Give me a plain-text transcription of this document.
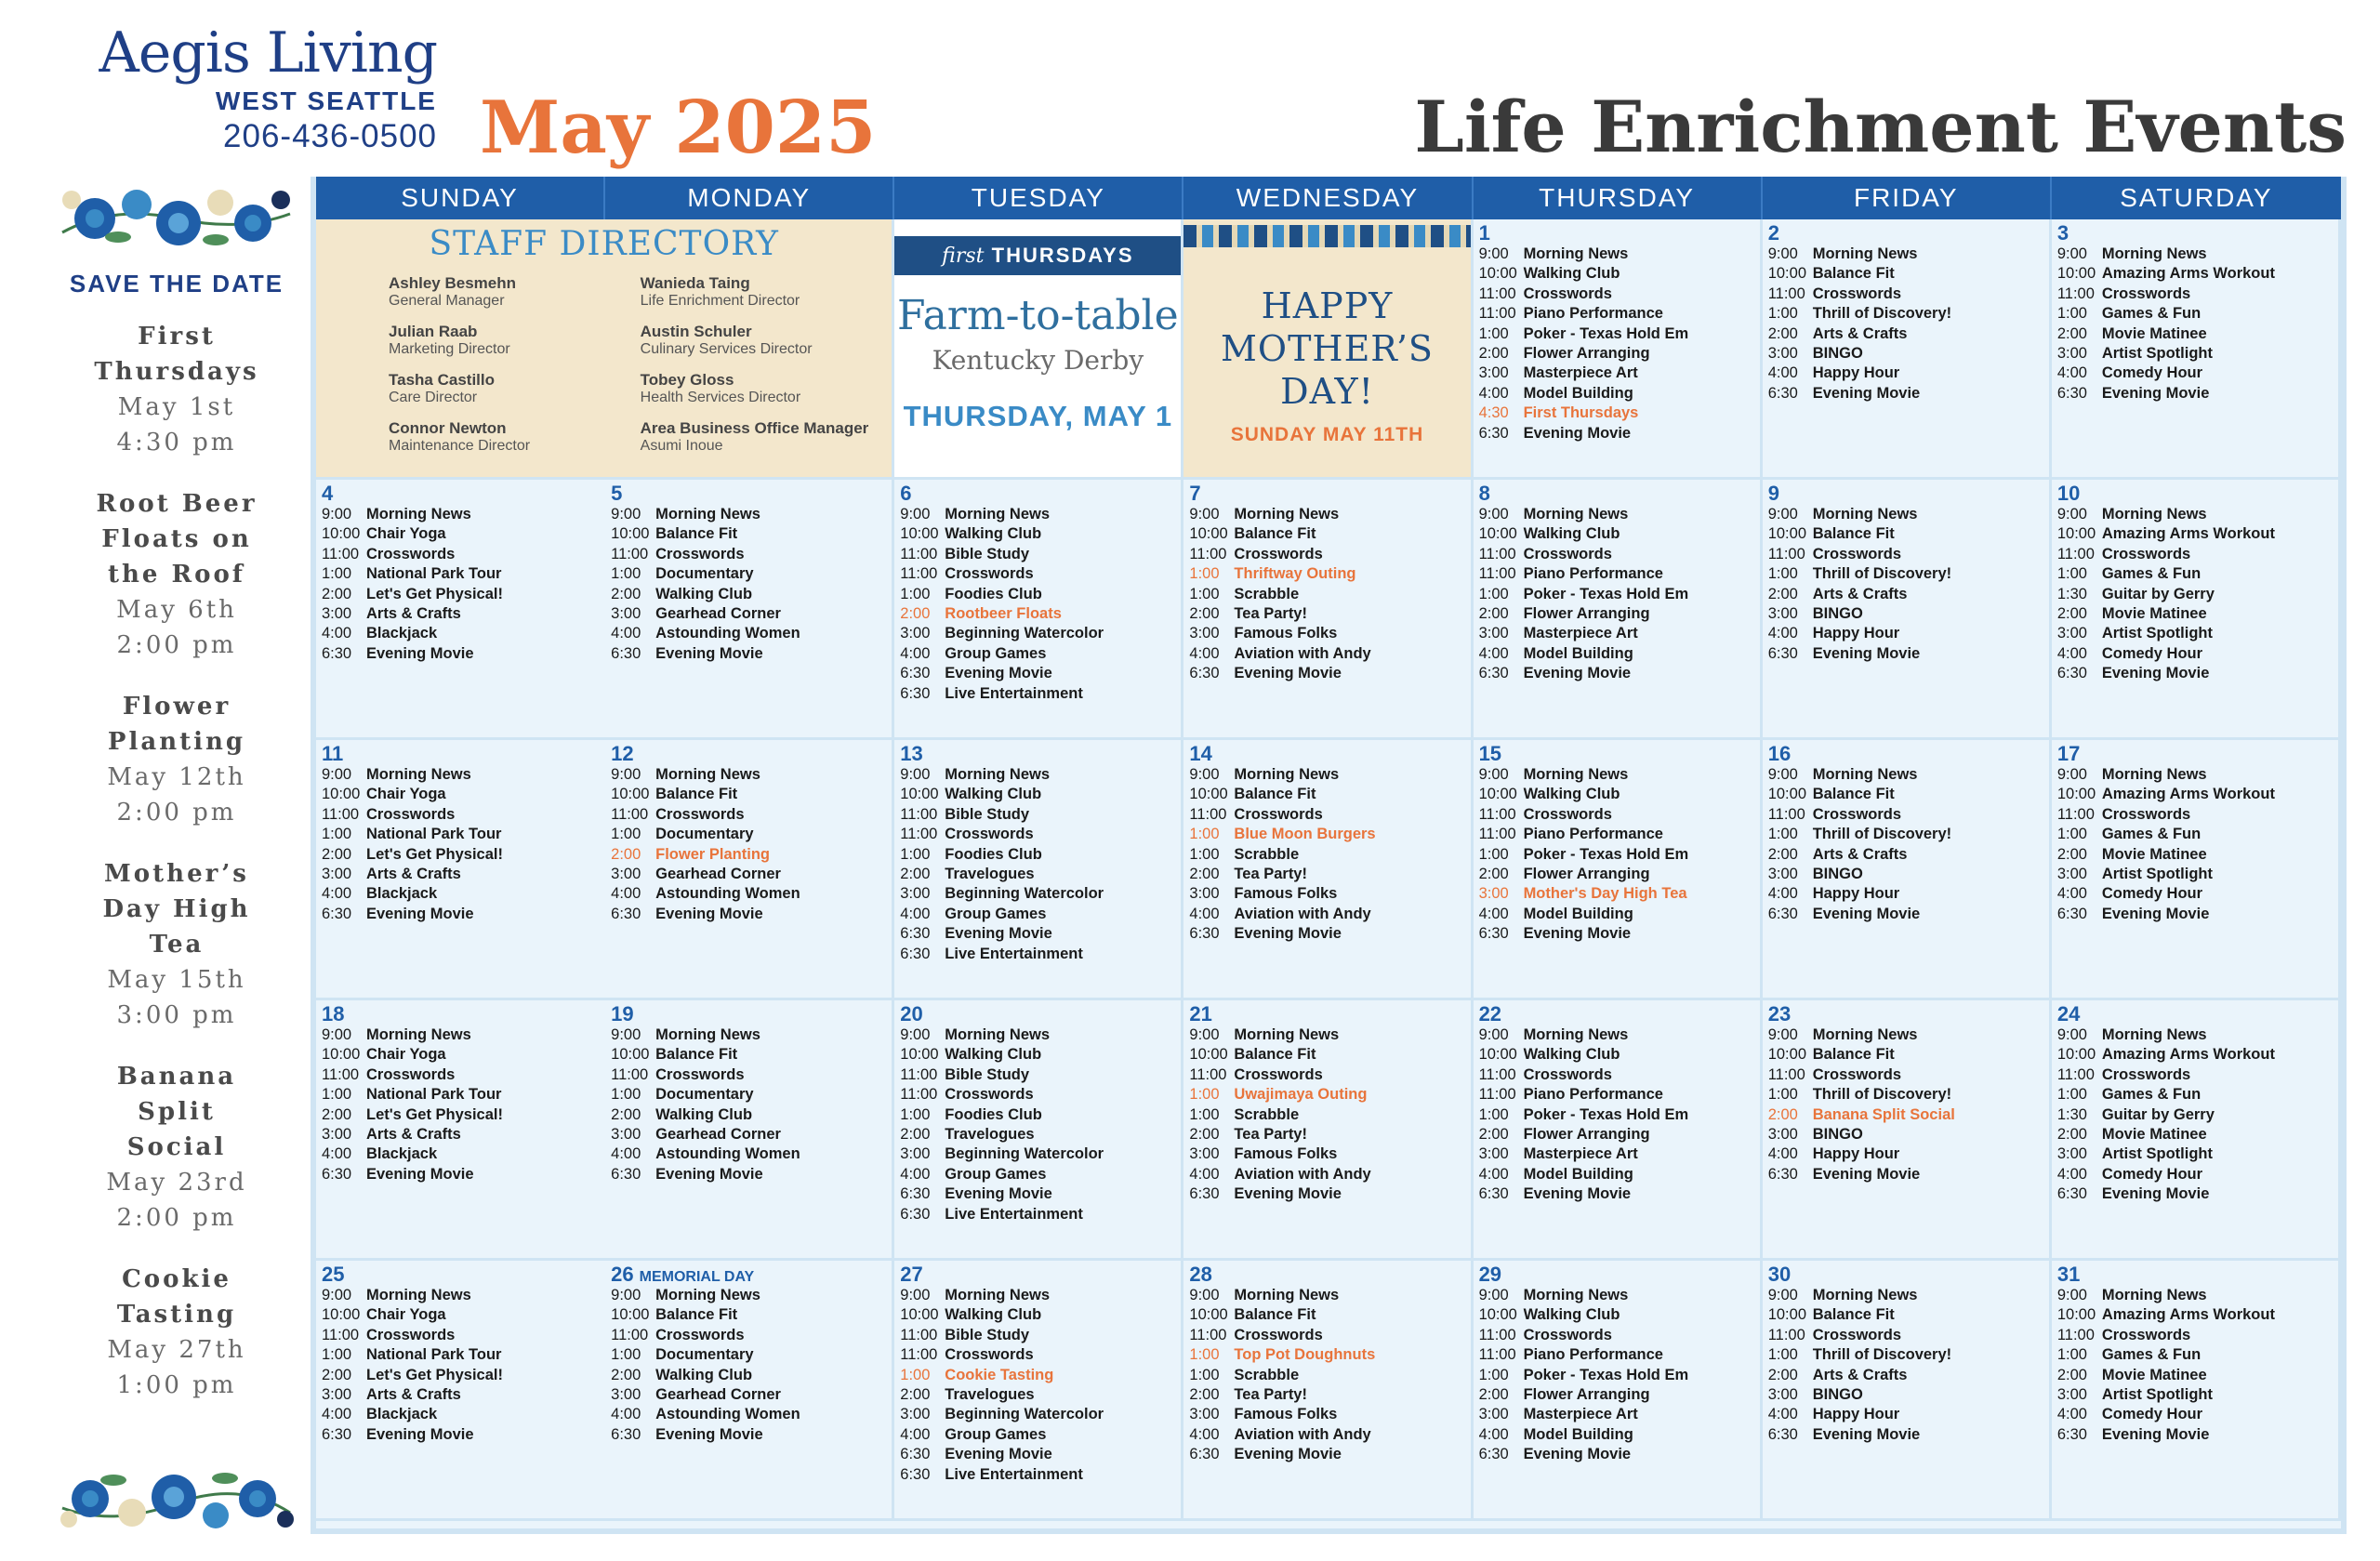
Aegis Living
WEST SEATTLE
206-436-0500 May 2025	Life Enrichment Events
SAVE THE DATE
First Thursdays
May 1st
4:30 pm
Root Beer Floats on the Roof
May 6th
2:00 pm
Flower Planting
May 12th
2:00 pm
Mother’s Day High Tea
May 15th
3:00 pm
Banana Split Social
May 23rd
2:00 pm
Cookie Tasting
May 27th
1:00 pm
SUNDAY	MONDAY	TUESDAY	WEDNESDAY	THURSDAY	FRIDAY	SATURDAY
STAFF DIRECTORY
Ashley Besmehn
General Manager
Wanieda Taing
Life Enrichment Director
Julian Raab
Marketing Director
Austin Schuler
Culinary Services Director
Tasha Castillo
Care Director
Tobey Gloss
Health Services Director
Connor Newton
Maintenance Director
Area Business Office Manager
Asumi Inoue
first THURSDAYS
Farm-to-table
Kentucky Derby
THURSDAY, MAY 1
HAPPY
MOTHER’S DAY!
SUNDAY MAY 11TH
1
9:00 Morning News
10:00 Walking Club
11:00 Crosswords
11:00 Piano Performance
1:00 Poker - Texas Hold Em
2:00 Flower Arranging
3:00 Masterpiece Art
4:00 Model Building
4:30 First Thursdays
6:30 Evening Movie
2
9:00 Morning News
10:00 Balance Fit
11:00 Crosswords
1:00 Thrill of Discovery!
2:00 Arts & Crafts
3:00 BINGO
4:00 Happy Hour
6:30 Evening Movie
3
9:00 Morning News
10:00 Amazing Arms Workout
11:00 Crosswords
1:00 Games & Fun
2:00 Movie Matinee
3:00 Artist Spotlight
4:00 Comedy Hour
6:30 Evening Movie
4
9:00 Morning News
10:00 Chair Yoga
11:00 Crosswords
1:00 National Park Tour
2:00 Let's Get Physical!
3:00 Arts & Crafts
4:00 Blackjack
6:30 Evening Movie
5
9:00 Morning News
10:00 Balance Fit
11:00 Crosswords
1:00 Documentary
2:00 Walking Club
3:00 Gearhead Corner
4:00 Astounding Women
6:30 Evening Movie
6
9:00 Morning News
10:00 Walking Club
11:00 Bible Study
11:00 Crosswords
1:00 Foodies Club
2:00 Rootbeer Floats
3:00 Beginning Watercolor
4:00 Group Games
6:30 Evening Movie
6:30 Live Entertainment
7
9:00 Morning News
10:00 Balance Fit
11:00 Crosswords
1:00 Thriftway Outing
1:00 Scrabble
2:00 Tea Party!
3:00 Famous Folks
4:00 Aviation with Andy
6:30 Evening Movie
8
9:00 Morning News
10:00 Walking Club
11:00 Crosswords
11:00 Piano Performance
1:00 Poker - Texas Hold Em
2:00 Flower Arranging
3:00 Masterpiece Art
4:00 Model Building
6:30 Evening Movie
9
9:00 Morning News
10:00 Balance Fit
11:00 Crosswords
1:00 Thrill of Discovery!
2:00 Arts & Crafts
3:00 BINGO
4:00 Happy Hour
6:30 Evening Movie
10
9:00 Morning News
10:00 Amazing Arms Workout
11:00 Crosswords
1:00 Games & Fun
1:30 Guitar by Gerry
2:00 Movie Matinee
3:00 Artist Spotlight
4:00 Comedy Hour
6:30 Evening Movie
11
9:00 Morning News
10:00 Chair Yoga
11:00 Crosswords
1:00 National Park Tour
2:00 Let's Get Physical!
3:00 Arts & Crafts
4:00 Blackjack
6:30 Evening Movie
12
9:00 Morning News
10:00 Balance Fit
11:00 Crosswords
1:00 Documentary
2:00 Flower Planting
3:00 Gearhead Corner
4:00 Astounding Women
6:30 Evening Movie
13
9:00 Morning News
10:00 Walking Club
11:00 Bible Study
11:00 Crosswords
1:00 Foodies Club
2:00 Travelogues
3:00 Beginning Watercolor
4:00 Group Games
6:30 Evening Movie
6:30 Live Entertainment
14
9:00 Morning News
10:00 Balance Fit
11:00 Crosswords
1:00 Blue Moon Burgers
1:00 Scrabble
2:00 Tea Party!
3:00 Famous Folks
4:00 Aviation with Andy
6:30 Evening Movie
15
9:00 Morning News
10:00 Walking Club
11:00 Crosswords
11:00 Piano Performance
1:00 Poker - Texas Hold Em
2:00 Flower Arranging
3:00 Mother's Day High Tea
4:00 Model Building
6:30 Evening Movie
16
9:00 Morning News
10:00 Balance Fit
11:00 Crosswords
1:00 Thrill of Discovery!
2:00 Arts & Crafts
3:00 BINGO
4:00 Happy Hour
6:30 Evening Movie
17
9:00 Morning News
10:00 Amazing Arms Workout
11:00 Crosswords
1:00 Games & Fun
2:00 Movie Matinee
3:00 Artist Spotlight
4:00 Comedy Hour
6:30 Evening Movie
18
9:00 Morning News
10:00 Chair Yoga
11:00 Crosswords
1:00 National Park Tour
2:00 Let's Get Physical!
3:00 Arts & Crafts
4:00 Blackjack
6:30 Evening Movie
19
9:00 Morning News
10:00 Balance Fit
11:00 Crosswords
1:00 Documentary
2:00 Walking Club
3:00 Gearhead Corner
4:00 Astounding Women
6:30 Evening Movie
20
9:00 Morning News
10:00 Walking Club
11:00 Bible Study
11:00 Crosswords
1:00 Foodies Club
2:00 Travelogues
3:00 Beginning Watercolor
4:00 Group Games
6:30 Evening Movie
6:30 Live Entertainment
21
9:00 Morning News
10:00 Balance Fit
11:00 Crosswords
1:00 Uwajimaya Outing
1:00 Scrabble
2:00 Tea Party!
3:00 Famous Folks
4:00 Aviation with Andy
6:30 Evening Movie
22
9:00 Morning News
10:00 Walking Club
11:00 Crosswords
11:00 Piano Performance
1:00 Poker - Texas Hold Em
2:00 Flower Arranging
3:00 Masterpiece Art
4:00 Model Building
6:30 Evening Movie
23
9:00 Morning News
10:00 Balance Fit
11:00 Crosswords
1:00 Thrill of Discovery!
2:00 Banana Split Social
3:00 BINGO
4:00 Happy Hour
6:30 Evening Movie
24
9:00 Morning News
10:00 Amazing Arms Workout
11:00 Crosswords
1:00 Games & Fun
1:30 Guitar by Gerry
2:00 Movie Matinee
3:00 Artist Spotlight
4:00 Comedy Hour
6:30 Evening Movie
25
9:00 Morning News
10:00 Chair Yoga
11:00 Crosswords
1:00 National Park Tour
2:00 Let's Get Physical!
3:00 Arts & Crafts
4:00 Blackjack
6:30 Evening Movie
26 MEMORIAL DAY
9:00 Morning News
10:00 Balance Fit
11:00 Crosswords
1:00 Documentary
2:00 Walking Club
3:00 Gearhead Corner
4:00 Astounding Women
6:30 Evening Movie
27
9:00 Morning News
10:00 Walking Club
11:00 Bible Study
11:00 Crosswords
1:00 Cookie Tasting
2:00 Travelogues
3:00 Beginning Watercolor
4:00 Group Games
6:30 Evening Movie
6:30 Live Entertainment
28
9:00 Morning News
10:00 Balance Fit
11:00 Crosswords
1:00 Top Pot Doughnuts
1:00 Scrabble
2:00 Tea Party!
3:00 Famous Folks
4:00 Aviation with Andy
6:30 Evening Movie
29
9:00 Morning News
10:00 Walking Club
11:00 Crosswords
11:00 Piano Performance
1:00 Poker - Texas Hold Em
2:00 Flower Arranging
3:00 Masterpiece Art
4:00 Model Building
6:30 Evening Movie
30
9:00 Morning News
10:00 Balance Fit
11:00 Crosswords
1:00 Thrill of Discovery!
2:00 Arts & Crafts
3:00 BINGO
4:00 Happy Hour
6:30 Evening Movie
31
9:00 Morning News
10:00 Amazing Arms Workout
11:00 Crosswords
1:00 Games & Fun
2:00 Movie Matinee
3:00 Artist Spotlight
4:00 Comedy Hour
6:30 Evening Movie
